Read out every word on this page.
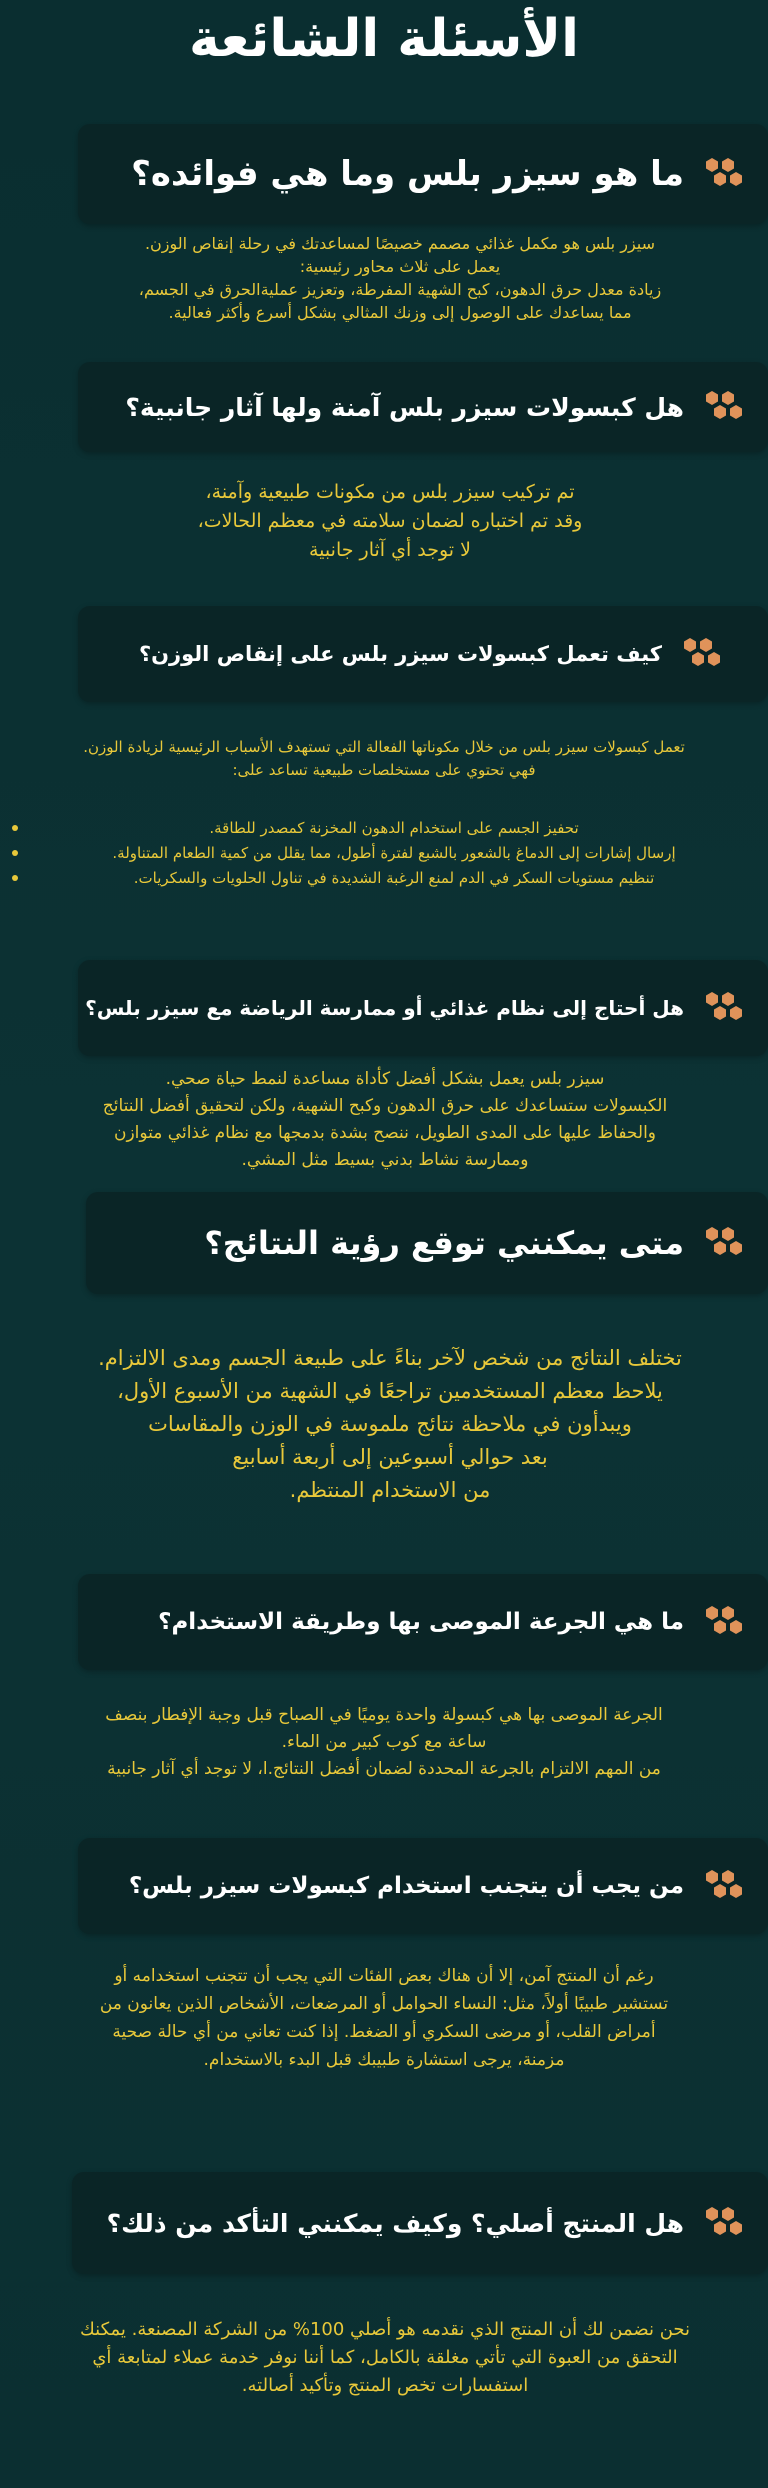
الأسئلة الشائعة
ما هو سيزر بلس وما هي فوائده؟

سيزر بلس هو مكمل غذائي مصمم خصيصًا لمساعدتك في رحلة إنقاص الوزن.

يعمل على ثلاث محاور رئيسية:

زيادة معدل حرق الدهون، كبح الشهية المفرطة، وتعزيز عمليةالحرق في الجسم،

مما يساعدك على الوصول إلى وزنك المثالي بشكل أسرع وأكثر فعالية.

هل كبسولات سيزر بلس آمنة ولها آثار جانبية؟

تم تركيب سيزر بلس من مكونات طبيعية وآمنة،

وقد تم اختباره لضمان سلامته في معظم الحالات،

لا توجد أي آثار جانبية

كيف تعمل كبسولات سيزر بلس على إنقاص الوزن؟

تعمل كبسولات سيزر بلس من خلال مكوناتها الفعالة التي تستهدف الأسباب الرئيسية لزيادة الوزن.

فهي تحتوي على مستخلصات طبيعية تساعد على:

تحفيز الجسم على استخدام الدهون المخزنة كمصدر للطاقة.
إرسال إشارات إلى الدماغ بالشعور بالشبع لفترة أطول، مما يقلل من كمية الطعام المتناولة.
تنظيم مستويات السكر في الدم لمنع الرغبة الشديدة في تناول الحلويات والسكريات.
هل أحتاج إلى نظام غذائي أو ممارسة الرياضة مع سيزر بلس؟

سيزر بلس يعمل بشكل أفضل كأداة مساعدة لنمط حياة صحي.

الكبسولات ستساعدك على حرق الدهون وكبح الشهية، ولكن لتحقيق أفضل النتائج

والحفاظ عليها على المدى الطويل، ننصح بشدة بدمجها مع نظام غذائي متوازن

وممارسة نشاط بدني بسيط مثل المشي.

متى يمكنني توقع رؤية النتائج؟

تختلف النتائج من شخص لآخر بناءً على طبيعة الجسم ومدى الالتزام.

يلاحظ معظم المستخدمين تراجعًا في الشهية من الأسبوع الأول،

ويبدأون في ملاحظة نتائج ملموسة في الوزن والمقاسات

بعد حوالي أسبوعين إلى أربعة أسابيع

من الاستخدام المنتظم.

ما هي الجرعة الموصى بها وطريقة الاستخدام؟

الجرعة الموصى بها هي كبسولة واحدة يوميًا في الصباح قبل وجبة الإفطار بنصف

ساعة مع كوب كبير من الماء.

من المهم الالتزام بالجرعة المحددة لضمان أفضل النتائج.ا، لا توجد أي آثار جانبية

من يجب أن يتجنب استخدام كبسولات سيزر بلس؟

رغم أن المنتج آمن، إلا أن هناك بعض الفئات التي يجب أن تتجنب استخدامه أو

تستشير طبيبًا أولاً، مثل: النساء الحوامل أو المرضعات، الأشخاص الذين يعانون من

أمراض القلب، أو مرضى السكري أو الضغط. إذا كنت تعاني من أي حالة صحية

مزمنة، يرجى استشارة طبيبك قبل البدء بالاستخدام.

هل المنتج أصلي؟ وكيف يمكنني التأكد من ذلك؟

نحن نضمن لك أن المنتج الذي نقدمه هو أصلي 100% من الشركة المصنعة. يمكنك

التحقق من العبوة التي تأتي مغلقة بالكامل، كما أننا نوفر خدمة عملاء لمتابعة أي

استفسارات تخص المنتج وتأكيد أصالته.
